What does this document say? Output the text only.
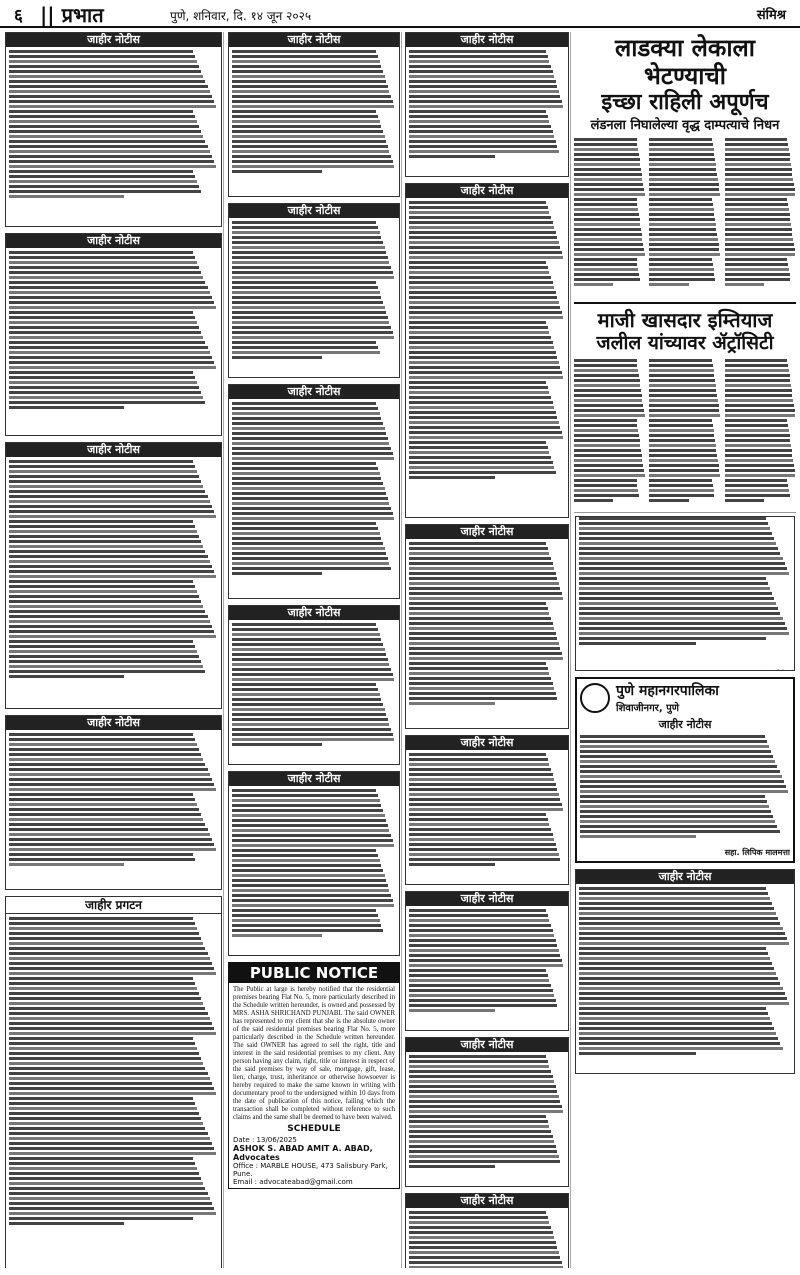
६ || प्रभात	पुणे, शनिवार, दि. १४ जून २०२५	संमिश्र
जाहीर नोटीस
जाहीर नोटीस
जाहीर नोटीस
जाहीर नोटीस
जाहीर प्रगटन
जाहीर नोटीस
जाहीर नोटीस
जाहीर नोटीस
जाहीर नोटीस
जाहीर नोटीस
PUBLIC NOTICE
The Public at large is hereby notified that the residential premises bearing Flat No. 5, more particularly described in the Schedule written hereunder, is owned and possessed by MRS. ASHA SHRICHAND PUNJABI. The said OWNER has represented to my client that she is the absolute owner of the said residential premises bearing Flat No. 5, more particularly described in the Schedule written hereunder. The said OWNER has agreed to sell the right, title and interest in the said residential premises to my client. Any person having any claim, right, title or interest in respect of the said premises by way of sale, mortgage, gift, lease, lien, charge, trust, inheritance or otherwise howsoever is hereby required to make the same known in writing with documentary proof to the undersigned within 10 days from the date of publication of this notice, failing which the transaction shall be completed without reference to such claims and the same shall be deemed to have been waived.
SCHEDULE
Date : 13/06/2025
ASHOK S. ABAD AMIT A. ABAD, Advocates
Office : MARBLE HOUSE, 473 Salisbury Park, Pune.
Email : advocateabad@gmail.com
जाहीर नोटीस
जाहीर नोटीस
जाहीर नोटीस
जाहीर नोटीस
जाहीर नोटीस
जाहीर नोटीस
जाहीर नोटीस
लाडक्या लेकाला भेटण्याची
इच्छा राहिली अपूर्णच
लंडनला निघालेल्या वृद्ध दाम्पत्याचे निधन
माजी खासदार इम्तियाज
जलील यांच्यावर ॲट्रॉसिटी
पुणे महानगरपालिका
शिवाजीनगर, पुणे
जाहीर नोटीस
सहा. लिपिक मालमत्ता
जाहीर नोटीस
